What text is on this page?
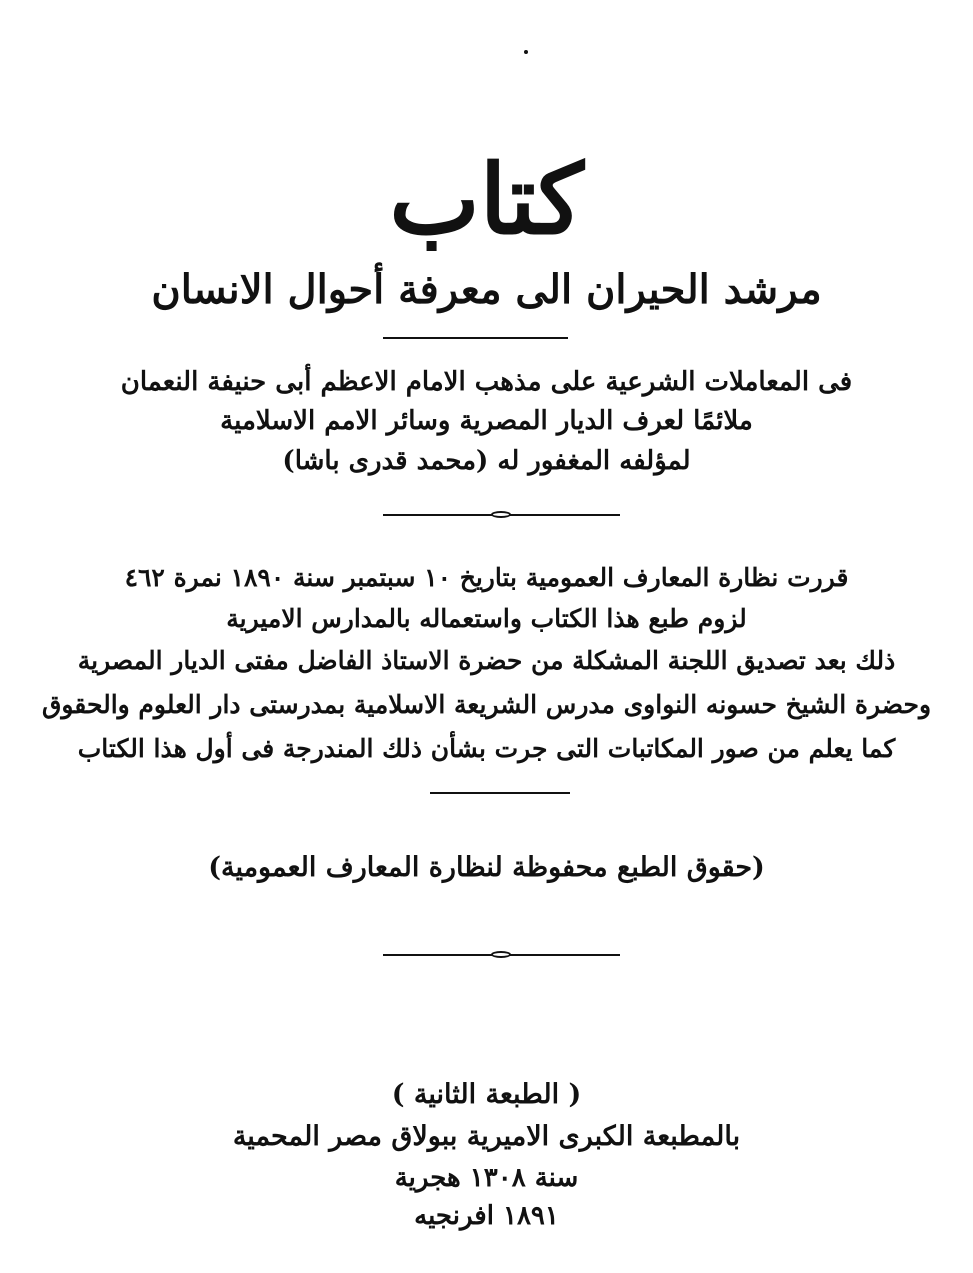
كتاب
مرشد الحيران الى معرفة أحوال الانسان
فى المعاملات الشرعية على مذهب الامام الاعظم أبى حنيفة النعمان
ملائمًا لعرف الديار المصرية وسائر الامم الاسلامية
لمؤلفه المغفور له (محمد قدرى باشا)
قررت نظارة المعارف العمومية بتاريخ ١٠ سبتمبر سنة ١٨٩٠ نمرة ٤٦٢
لزوم طبع هذا الكتاب واستعماله بالمدارس الاميرية
ذلك بعد تصديق اللجنة المشكلة من حضرة الاستاذ الفاضل مفتى الديار المصرية
وحضرة الشيخ حسونه النواوى مدرس الشريعة الاسلامية بمدرستى دار العلوم والحقوق
كما يعلم من صور المكاتبات التى جرت بشأن ذلك المندرجة فى أول هذا الكتاب
(حقوق الطبع محفوظة لنظارة المعارف العمومية)
( الطبعة الثانية )
بالمطبعة الكبرى الاميرية ببولاق مصر المحمية
سنة ١٣٠٨ هجرية
١٨٩١ افرنجيه
